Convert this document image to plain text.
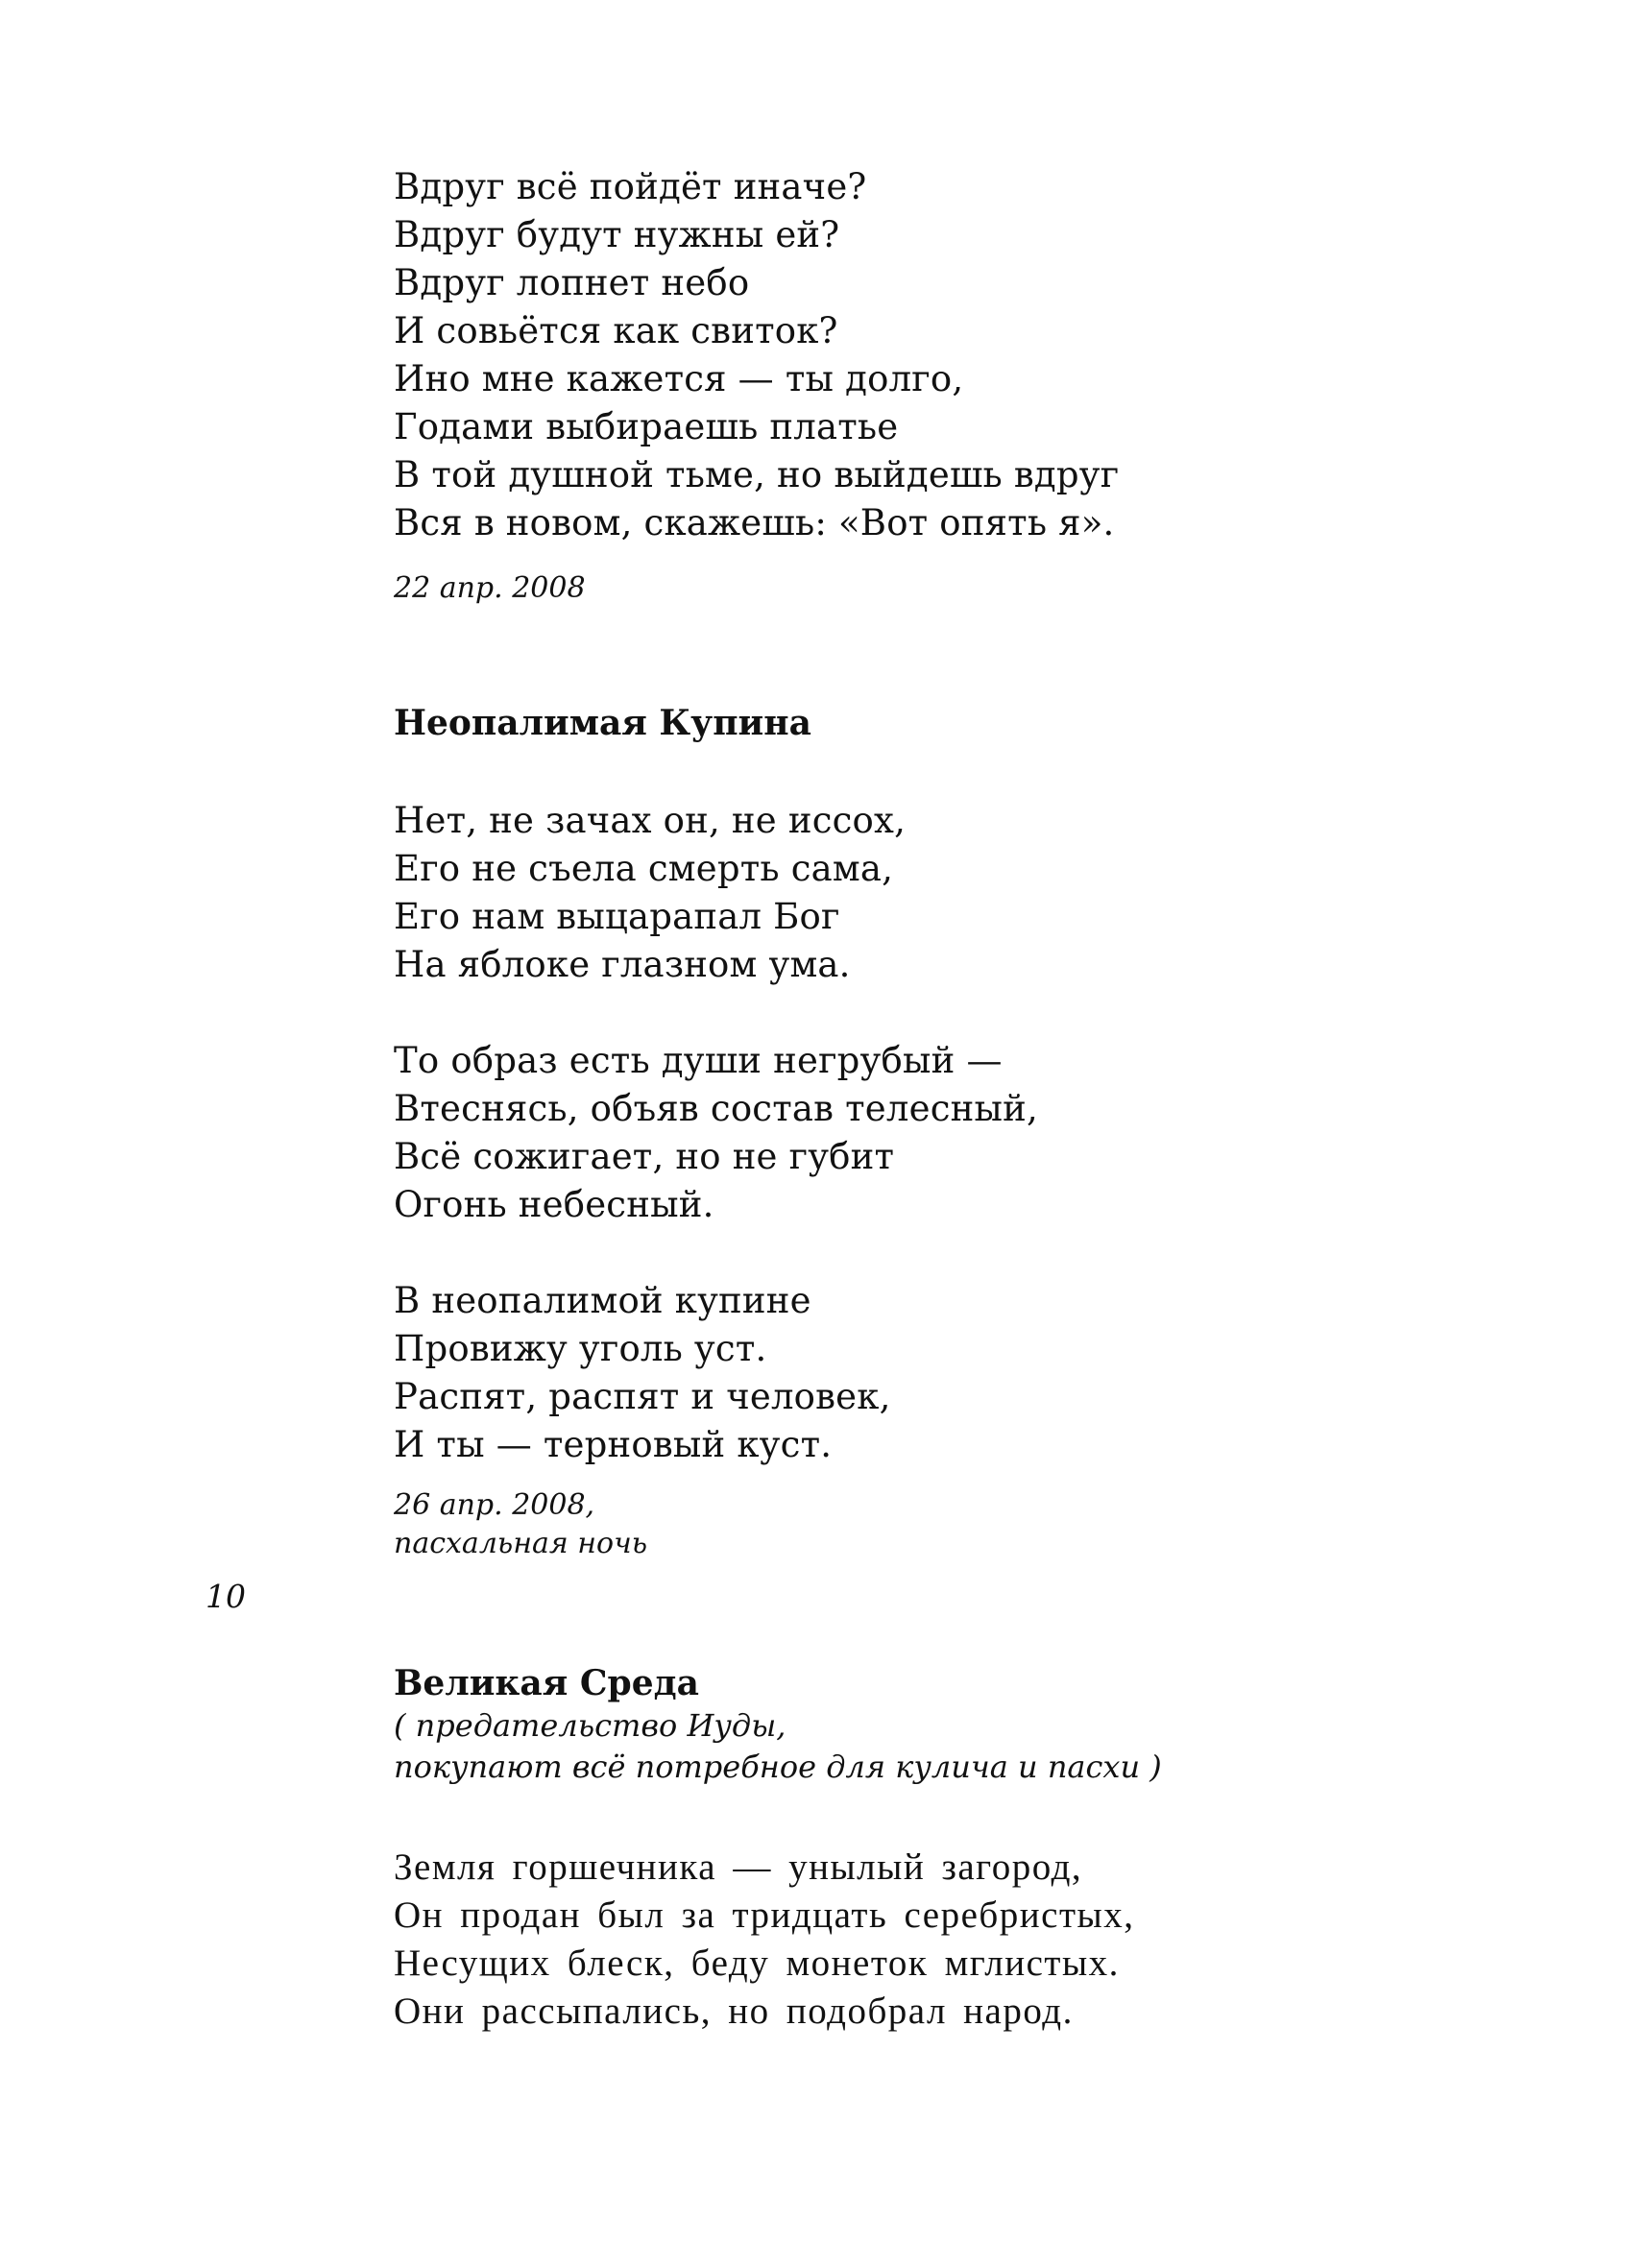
Вдруг всё пойдёт иначе?
Вдруг будут нужны ей?
Вдруг лопнет небо
И совьётся как свиток?
Ино мне кажется — ты долго,
Годами выбираешь платье
В той душной тьме, но выйдешь вдруг
Вся в новом, скажешь: «Вот опять я».
22 апр. 2008
Неопалимая Купина
Нет, не зачах он, не иссох,
Его не съела смерть сама,
Его нам выцарапал Бог
На яблоке глазном ума.
То образ есть души негрубый —
Втеснясь, объяв состав телесный,
Всё сожигает, но не губит
Огонь небесный.
В неопалимой купине
Провижу уголь уст.
Распят, распят и человек,
И ты — терновый куст.
26 апр. 2008,
пасхальная ночь
Великая Среда
( предательство Иуды,
покупают всё потребное для кулича и пасхи )
Земля горшечника — унылый загород,
Он продан был за тридцать серебристых,
Несущих блеск, беду монеток мглистых.
Они рассыпались, но подобрал народ.
10
